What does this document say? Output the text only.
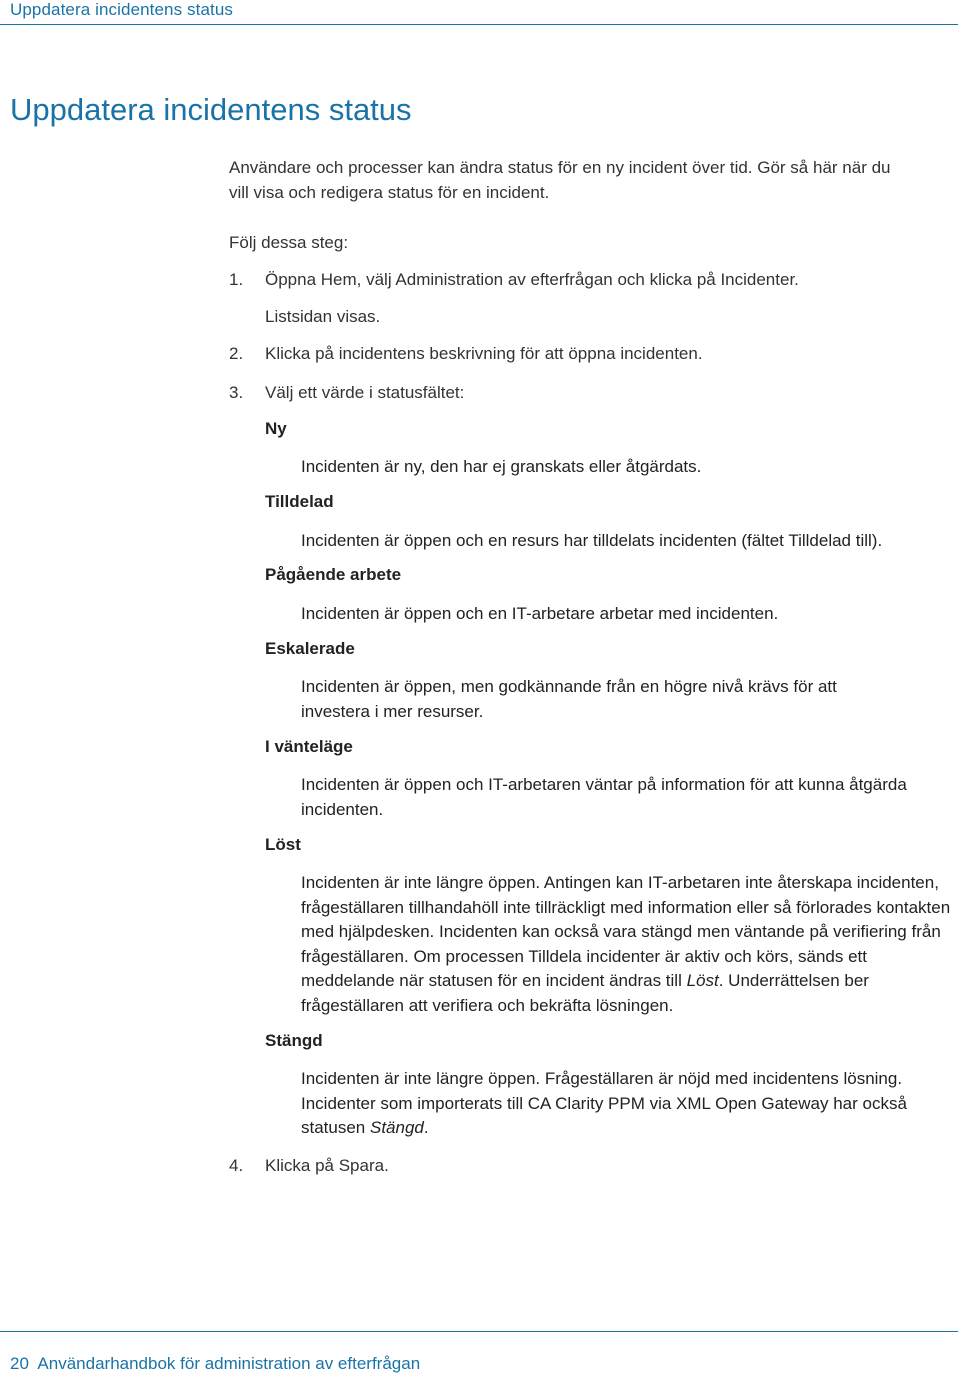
Uppdatera incidentens status
Uppdatera incidentens status
Användare och processer kan ändra status för en ny incident över tid. Gör så här när du
vill visa och redigera status för en incident.
Följ dessa steg:
1. Öppna Hem, välj Administration av efterfrågan och klicka på Incidenter.
Listsidan visas.
2. Klicka på incidentens beskrivning för att öppna incidenten.
3. Välj ett värde i statusfältet:
Ny
Incidenten är ny, den har ej granskats eller åtgärdats.
Tilldelad
Incidenten är öppen och en resurs har tilldelats incidenten (fältet Tilldelad till).
Pågående arbete
Incidenten är öppen och en IT-arbetare arbetar med incidenten.
Eskalerade
Incidenten är öppen, men godkännande från en högre nivå krävs för att investera i mer resurser.
I vänteläge
Incidenten är öppen och IT-arbetaren väntar på information för att kunna åtgärda incidenten.
Löst
Incidenten är inte längre öppen. Antingen kan IT-arbetaren inte återskapa incidenten, frågeställaren tillhandahöll inte tillräckligt med information eller så förlorades kontakten med hjälpdesken. Incidenten kan också vara stängd men väntande på verifiering från frågeställaren. Om processen Tilldela incidenter är aktiv och körs, sänds ett meddelande när statusen för en incident ändras till Löst. Underrättelsen ber frågeställaren att verifiera och bekräfta lösningen.
Stängd
Incidenten är inte längre öppen. Frågeställaren är nöjd med incidentens lösning. Incidenter som importerats till CA Clarity PPM via XML Open Gateway har också statusen Stängd.
4. Klicka på Spara.
20  Användarhandbok för administration av efterfrågan
